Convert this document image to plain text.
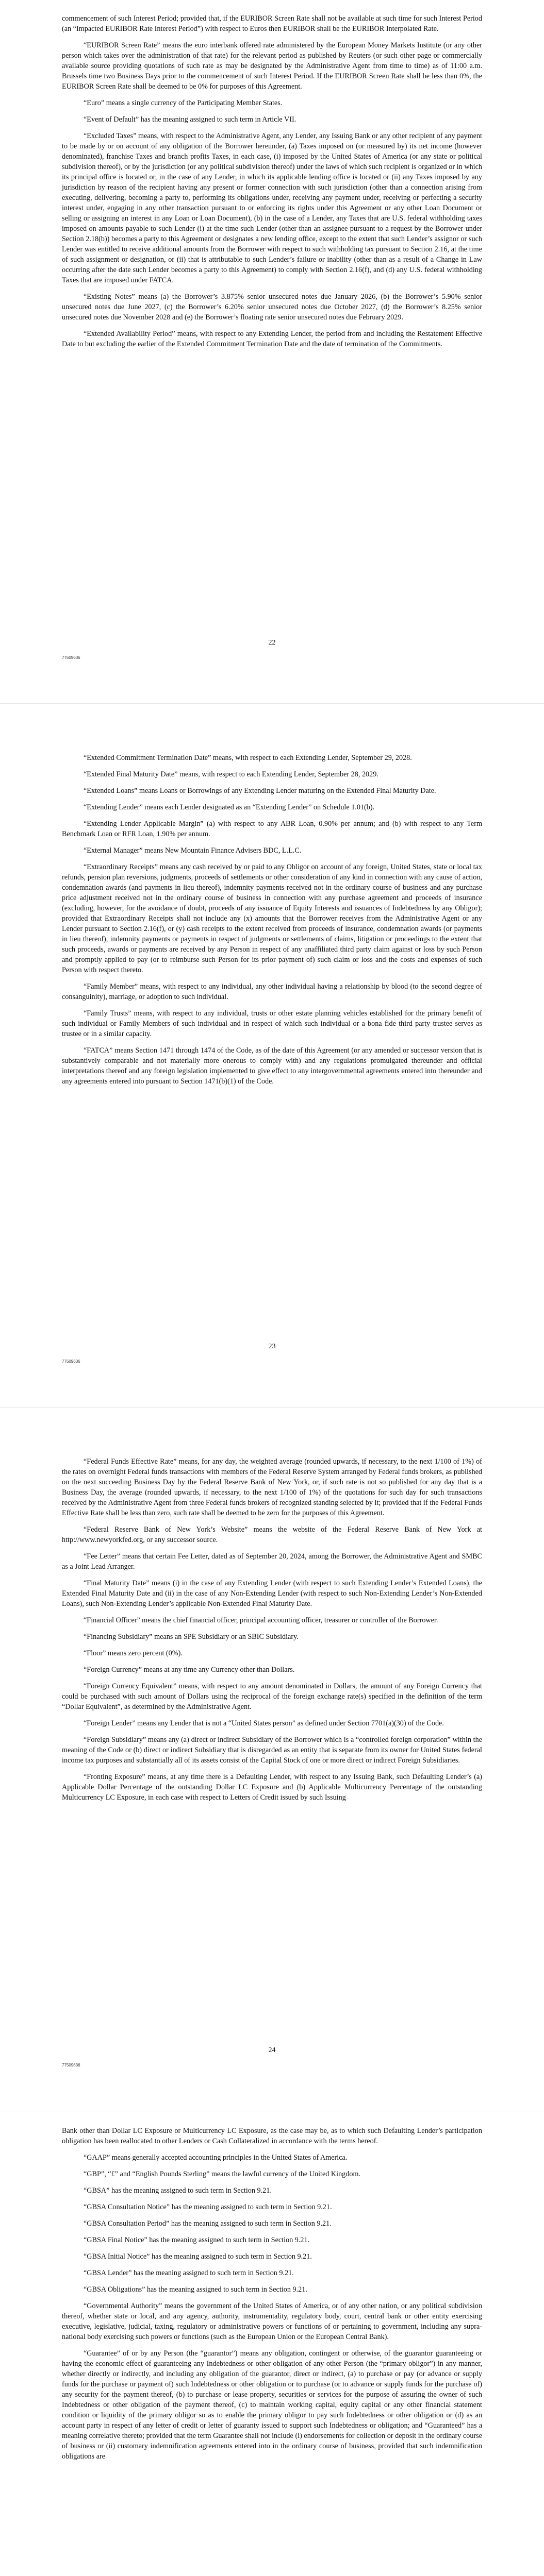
commencement of such Interest Period; provided that, if the EURIBOR Screen Rate shall not be available at such time for such Interest Period (an “Impacted EURIBOR Rate Interest Period”) with respect to Euros then EURIBOR shall be the EURIBOR Interpolated Rate.

“EURIBOR Screen Rate” means the euro interbank offered rate administered by the European Money Markets Institute (or any other person which takes over the administration of that rate) for the relevant period as published by Reuters (or such other page or commercially available source providing quotations of such rate as may be designated by the Administrative Agent from time to time) as of 11:00 a.m. Brussels time two Business Days prior to the commencement of such Interest Period. If the EURIBOR Screen Rate shall be less than 0%, the EURIBOR Screen Rate shall be deemed to be 0% for purposes of this Agreement.

“Euro” means a single currency of the Participating Member States.

“Event of Default” has the meaning assigned to such term in Article VII.

“Excluded Taxes” means, with respect to the Administrative Agent, any Lender, any Issuing Bank or any other recipient of any payment to be made by or on account of any obligation of the Borrower hereunder, (a) Taxes imposed on (or measured by) its net income (however denominated), franchise Taxes and branch profits Taxes, in each case, (i) imposed by the United States of America (or any state or political subdivision thereof), or by the jurisdiction (or any political subdivision thereof) under the laws of which such recipient is organized or in which its principal office is located or, in the case of any Lender, in which its applicable lending office is located or (ii) any Taxes imposed by any jurisdiction by reason of the recipient having any present or former connection with such jurisdiction (other than a connection arising from executing, delivering, becoming a party to, performing its obligations under, receiving any payment under, receiving or perfecting a security interest under, engaging in any other transaction pursuant to or enforcing its rights under this Agreement or any other Loan Document or selling or assigning an interest in any Loan or Loan Document), (b) in the case of a Lender, any Taxes that are U.S. federal withholding taxes imposed on amounts payable to such Lender (i) at the time such Lender (other than an assignee pursuant to a request by the Borrower under Section 2.18(b)) becomes a party to this Agreement or designates a new lending office, except to the extent that such Lender’s assignor or such Lender was entitled to receive additional amounts from the Borrower with respect to such withholding tax pursuant to Section 2.16, at the time of such assignment or designation, or (ii) that is attributable to such Lender’s failure or inability (other than as a result of a Change in Law occurring after the date such Lender becomes a party to this Agreement) to comply with Section 2.16(f), and (d) any U.S. federal withholding Taxes that are imposed under FATCA.

“Existing Notes” means (a) the Borrower’s 3.875% senior unsecured notes due January 2026, (b) the Borrower’s 5.90% senior unsecured notes due June 2027, (c) the Borrower’s 6.20% senior unsecured notes due October 2027, (d) the Borrower’s 8.25% senior unsecured notes due November 2028 and (e) the Borrower’s floating rate senior unsecured notes due February 2029.

“Extended Availability Period” means, with respect to any Extending Lender, the period from and including the Restatement Effective Date to but excluding the earlier of the Extended Commitment Termination Date and the date of termination of the Commitments.

22
77509636

“Extended Commitment Termination Date” means, with respect to each Extending Lender, September 29, 2028.

“Extended Final Maturity Date” means, with respect to each Extending Lender, September 28, 2029.

“Extended Loans” means Loans or Borrowings of any Extending Lender maturing on the Extended Final Maturity Date.

“Extending Lender” means each Lender designated as an “Extending Lender” on Schedule 1.01(b).

“Extending Lender Applicable Margin” (a) with respect to any ABR Loan, 0.90% per annum; and (b) with respect to any Term Benchmark Loan or RFR Loan, 1.90% per annum.

“External Manager” means New Mountain Finance Advisers BDC, L.L.C.

“Extraordinary Receipts” means any cash received by or paid to any Obligor on account of any foreign, United States, state or local tax refunds, pension plan reversions, judgments, proceeds of settlements or other consideration of any kind in connection with any cause of action, condemnation awards (and payments in lieu thereof), indemnity payments received not in the ordinary course of business and any purchase price adjustment received not in the ordinary course of business in connection with any purchase agreement and proceeds of insurance (excluding, however, for the avoidance of doubt, proceeds of any issuance of Equity Interests and issuances of Indebtedness by any Obligor); provided that Extraordinary Receipts shall not include any (x) amounts that the Borrower receives from the Administrative Agent or any Lender pursuant to Section 2.16(f), or (y) cash receipts to the extent received from proceeds of insurance, condemnation awards (or payments in lieu thereof), indemnity payments or payments in respect of judgments or settlements of claims, litigation or proceedings to the extent that such proceeds, awards or payments are received by any Person in respect of any unaffiliated third party claim against or loss by such Person and promptly applied to pay (or to reimburse such Person for its prior payment of) such claim or loss and the costs and expenses of such Person with respect thereto.

“Family Member” means, with respect to any individual, any other individual having a relationship by blood (to the second degree of consanguinity), marriage, or adoption to such individual.

“Family Trusts” means, with respect to any individual, trusts or other estate planning vehicles established for the primary benefit of such individual or Family Members of such individual and in respect of which such individual or a bona fide third party trustee serves as trustee or in a similar capacity.

“FATCA” means Section 1471 through 1474 of the Code, as of the date of this Agreement (or any amended or successor version that is substantively comparable and not materially more onerous to comply with) and any regulations promulgated thereunder and official interpretations thereof and any foreign legislation implemented to give effect to any intergovernmental agreements entered into thereunder and any agreements entered into pursuant to Section 1471(b)(1) of the Code.

23
77509636

“Federal Funds Effective Rate” means, for any day, the weighted average (rounded upwards, if necessary, to the next 1/100 of 1%) of the rates on overnight Federal funds transactions with members of the Federal Reserve System arranged by Federal funds brokers, as published on the next succeeding Business Day by the Federal Reserve Bank of New York, or, if such rate is not so published for any day that is a Business Day, the average (rounded upwards, if necessary, to the next 1/100 of 1%) of the quotations for such day for such transactions received by the Administrative Agent from three Federal funds brokers of recognized standing selected by it; provided that if the Federal Funds Effective Rate shall be less than zero, such rate shall be deemed to be zero for the purposes of this Agreement.

“Federal Reserve Bank of New York’s Website” means the website of the Federal Reserve Bank of New York at http://www.newyorkfed.org, or any successor source.

“Fee Letter” means that certain Fee Letter, dated as of September 20, 2024, among the Borrower, the Administrative Agent and SMBC as a Joint Lead Arranger.

“Final Maturity Date” means (i) in the case of any Extending Lender (with respect to such Extending Lender’s Extended Loans), the Extended Final Maturity Date and (ii) in the case of any Non-Extending Lender (with respect to such Non-Extending Lender’s Non-Extended Loans), such Non-Extending Lender’s applicable Non-Extended Final Maturity Date.

“Financial Officer” means the chief financial officer, principal accounting officer, treasurer or controller of the Borrower.

“Financing Subsidiary” means an SPE Subsidiary or an SBIC Subsidiary.

“Floor” means zero percent (0%).

“Foreign Currency” means at any time any Currency other than Dollars.

“Foreign Currency Equivalent” means, with respect to any amount denominated in Dollars, the amount of any Foreign Currency that could be purchased with such amount of Dollars using the reciprocal of the foreign exchange rate(s) specified in the definition of the term “Dollar Equivalent”, as determined by the Administrative Agent.

“Foreign Lender” means any Lender that is not a “United States person” as defined under Section 7701(a)(30) of the Code.

“Foreign Subsidiary” means any (a) direct or indirect Subsidiary of the Borrower which is a “controlled foreign corporation” within the meaning of the Code or (b) direct or indirect Subsidiary that is disregarded as an entity that is separate from its owner for United States federal income tax purposes and substantially all of its assets consist of the Capital Stock of one or more direct or indirect Foreign Subsidiaries.

“Fronting Exposure” means, at any time there is a Defaulting Lender, with respect to any Issuing Bank, such Defaulting Lender’s (a) Applicable Dollar Percentage of the outstanding Dollar LC Exposure and (b) Applicable Multicurrency Percentage of the outstanding Multicurrency LC Exposure, in each case with respect to Letters of Credit issued by such Issuing

24
77509636

Bank other than Dollar LC Exposure or Multicurrency LC Exposure, as the case may be, as to which such Defaulting Lender’s participation obligation has been reallocated to other Lenders or Cash Collateralized in accordance with the terms hereof.

“GAAP” means generally accepted accounting principles in the United States of America.

“GBP”, “£” and “English Pounds Sterling” means the lawful currency of the United Kingdom.

“GBSA” has the meaning assigned to such term in Section 9.21.

“GBSA Consultation Notice” has the meaning assigned to such term in Section 9.21.

“GBSA Consultation Period” has the meaning assigned to such term in Section 9.21.

“GBSA Final Notice” has the meaning assigned to such term in Section 9.21.

“GBSA Initial Notice” has the meaning assigned to such term in Section 9.21.

“GBSA Lender” has the meaning assigned to such term in Section 9.21.

“GBSA Obligations” has the meaning assigned to such term in Section 9.21.

“Governmental Authority” means the government of the United States of America, or of any other nation, or any political subdivision thereof, whether state or local, and any agency, authority, instrumentality, regulatory body, court, central bank or other entity exercising executive, legislative, judicial, taxing, regulatory or administrative powers or functions of or pertaining to government, including any supra-national body exercising such powers or functions (such as the European Union or the European Central Bank).

“Guarantee” of or by any Person (the “guarantor”) means any obligation, contingent or otherwise, of the guarantor guaranteeing or having the economic effect of guaranteeing any Indebtedness or other obligation of any other Person (the “primary obligor”) in any manner, whether directly or indirectly, and including any obligation of the guarantor, direct or indirect, (a) to purchase or pay (or advance or supply funds for the purchase or payment of) such Indebtedness or other obligation or to purchase (or to advance or supply funds for the purchase of) any security for the payment thereof, (b) to purchase or lease property, securities or services for the purpose of assuring the owner of such Indebtedness or other obligation of the payment thereof, (c) to maintain working capital, equity capital or any other financial statement condition or liquidity of the primary obligor so as to enable the primary obligor to pay such Indebtedness or other obligation or (d) as an account party in respect of any letter of credit or letter of guaranty issued to support such Indebtedness or obligation; and “Guaranteed” has a meaning correlative thereto; provided that the term Guarantee shall not include (i) endorsements for collection or deposit in the ordinary course of business or (ii) customary indemnification agreements entered into in the ordinary course of business, provided that such indemnification obligations are
